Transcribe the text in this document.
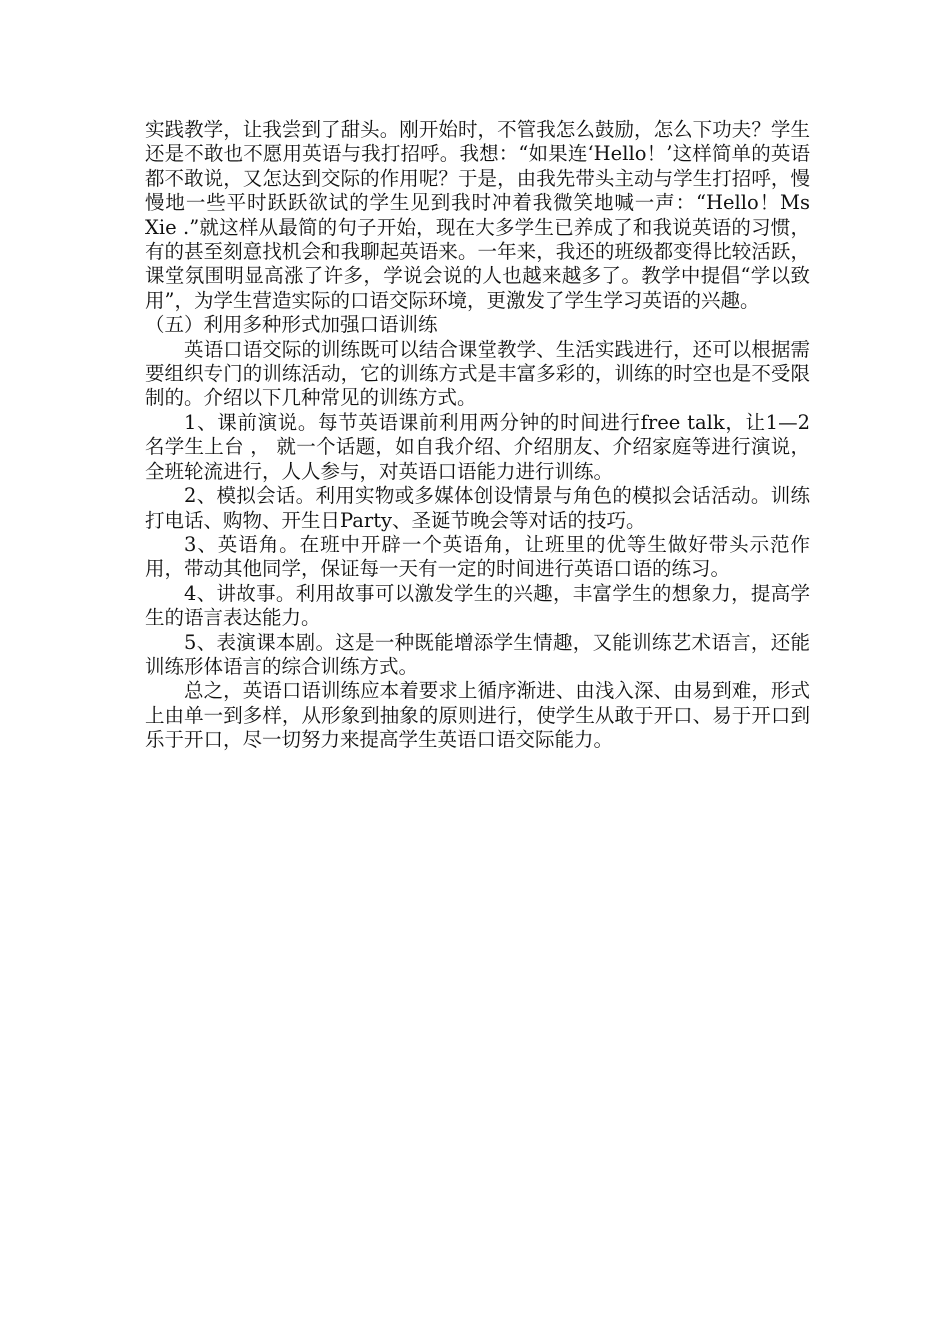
实践教学，让我尝到了甜头。刚开始时，不管我怎么鼓励，怎么下功夫？学生还是不敢也不愿用英语与我打招呼。我想：“如果连‘Hello！’这样简单的英语都不敢说，又怎达到交际的作用呢？于是，由我先带头主动与学生打招呼，慢慢地一些平时跃跃欲试的学生见到我时冲着我微笑地喊一声：“Hello！Ms Xie .”就这样从最简的句子开始，现在大多学生已养成了和我说英语的习惯，有的甚至刻意找机会和我聊起英语来。一年来，我还的班级都变得比较活跃，课堂氛围明显高涨了许多，学说会说的人也越来越多了。教学中提倡“学以致用”，为学生营造实际的口语交际环境，更激发了学生学习英语的兴趣。

（五）利用多种形式加强口语训练

英语口语交际的训练既可以结合课堂教学、生活实践进行，还可以根据需要组织专门的训练活动，它的训练方式是丰富多彩的，训练的时空也是不受限制的。介绍以下几种常见的训练方式。

1、课前演说。每节英语课前利用两分钟的时间进行free talk，让1—2名学生上台 ， 就一个话题，如自我介绍、介绍朋友、介绍家庭等进行演说，全班轮流进行，人人参与，对英语口语能力进行训练。

2、模拟会话。利用实物或多媒体创设情景与角色的模拟会话活动。训练打电话、购物、开生日Party、圣诞节晚会等对话的技巧。

3、英语角。在班中开辟一个英语角，让班里的优等生做好带头示范作用，带动其他同学，保证每一天有一定的时间进行英语口语的练习。

4、讲故事。利用故事可以激发学生的兴趣，丰富学生的想象力，提高学生的语言表达能力。

5、表演课本剧。这是一种既能增添学生情趣，又能训练艺术语言，还能训练形体语言的综合训练方式。

总之，英语口语训练应本着要求上循序渐进、由浅入深、由易到难，形式上由单一到多样，从形象到抽象的原则进行，使学生从敢于开口、易于开口到乐于开口，尽一切努力来提高学生英语口语交际能力。
